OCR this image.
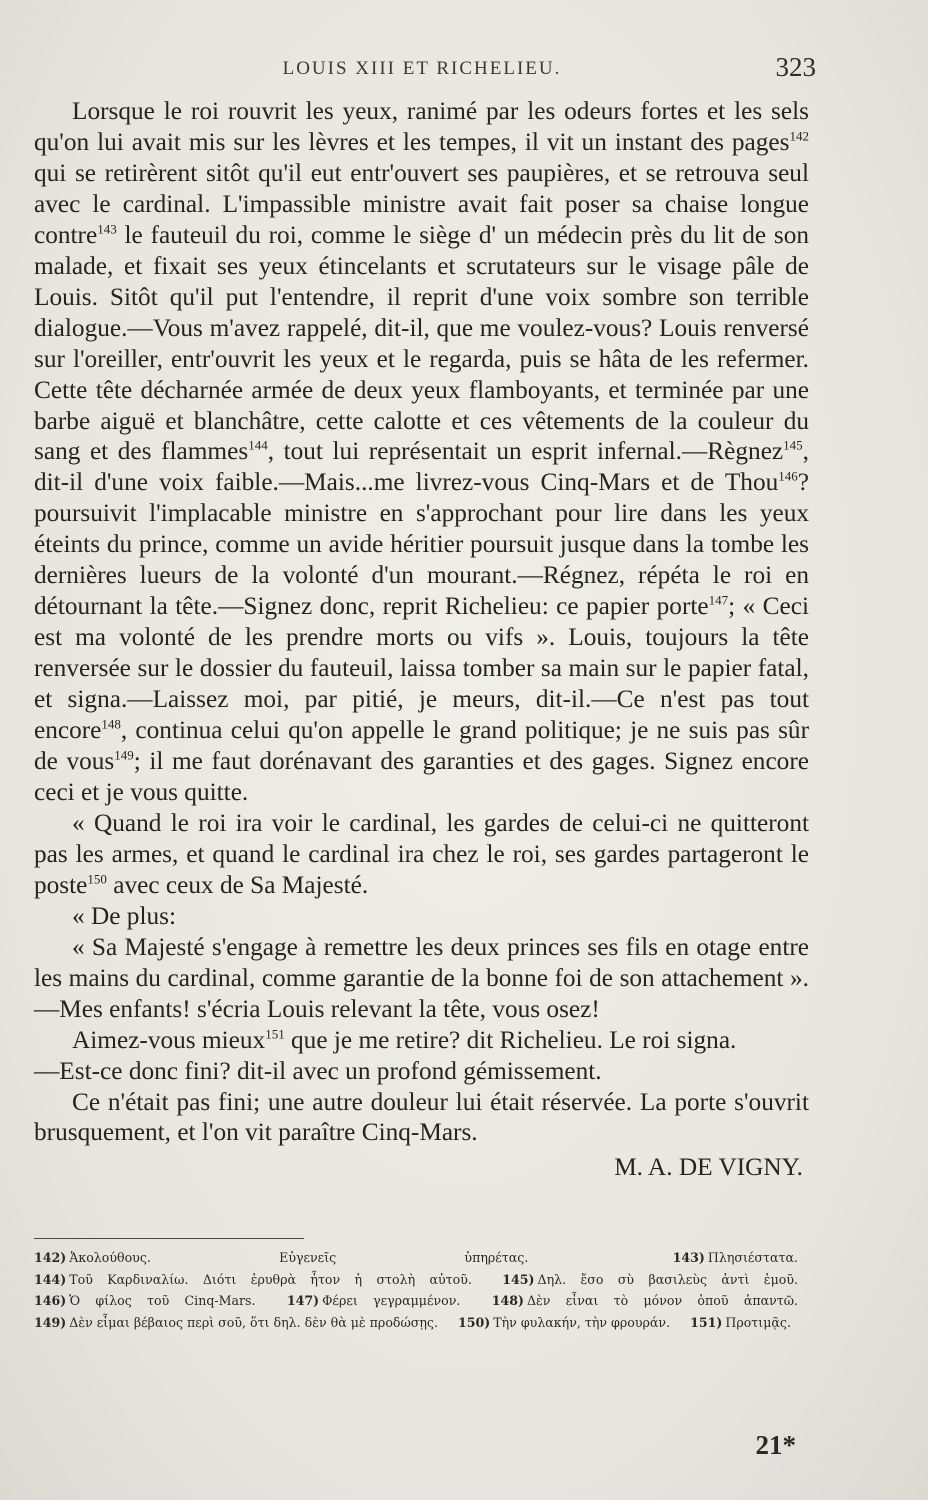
LOUIS XIII ET RICHELIEU.	323

Lorsque le roi rouvrit les yeux, ranimé par les odeurs fortes et les sels qu'on lui avait mis sur les lèvres et les tempes, il vit un instant des pages$^{142}$ qui se retirèrent sitôt qu'il eut entr'ouvert ses paupières, et se retrouva seul avec le cardinal. L'impassible ministre avait fait poser sa chaise longue contre$^{143}$ le fauteuil du roi, comme le siège d' un médecin près du lit de son malade, et fixait ses yeux étincelants et scrutateurs sur le visage pâle de Louis. Sitôt qu'il put l'entendre, il reprit d'une voix sombre son terrible dialogue.—Vous m'avez rappelé, dit-il, que me voulez-vous? Louis renversé sur l'oreiller, entr'ouvrit les yeux et le regarda, puis se hâta de les refermer. Cette tête décharnée armée de deux yeux flamboyants, et terminée par une barbe aiguë et blanchâtre, cette calotte et ces vêtements de la couleur du sang et des flammes$^{144}$, tout lui représentait un esprit infernal.—Règnez$^{145}$, dit-il d'une voix faible.—Mais...me livrez-vous Cinq-Mars et de Thou$^{146}$? poursuivit l'implacable ministre en s'approchant pour lire dans les yeux éteints du prince, comme un avide héritier poursuit jusque dans la tombe les dernières lueurs de la volonté d'un mourant.—Régnez, répéta le roi en détournant la tête.—Signez donc, reprit Richelieu: ce papier porte$^{147}$; « Ceci est ma volonté de les prendre morts ou vifs ». Louis, toujours la tête renversée sur le dossier du fauteuil, laissa tomber sa main sur le papier fatal, et signa.—Laissez moi, par pitié, je meurs, dit-il.—Ce n'est pas tout encore$^{148}$, continua celui qu'on appelle le grand politique; je ne suis pas sûr de vous$^{149}$; il me faut dorénavant des garanties et des gages. Signez encore ceci et je vous quitte.

« Quand le roi ira voir le cardinal, les gardes de celui-ci ne quitteront pas les armes, et quand le cardinal ira chez le roi, ses gardes partageront le poste$^{150}$ avec ceux de Sa Majesté.

« De plus:

« Sa Majesté s'engage à remettre les deux princes ses fils en otage entre les mains du cardinal, comme garantie de la bonne foi de son attachement ».—Mes enfants! s'écria Louis relevant la tête, vous osez!

Aimez-vous mieux$^{151}$ que je me retire? dit Richelieu. Le roi signa.

—Est-ce donc fini? dit-il avec un profond gémissement.

Ce n'était pas fini; une autre douleur lui était réservée. La porte s'ouvrit brusquement, et l'on vit paraître Cinq-Mars.

M. A. DE VIGNY.

142) Ἀκολούθους. Εὐγενεῖς ὑπηρέτας.	143) Πλησιέστατα. 144) Τοῦ Καρδιναλίω. Διότι ἐρυθρὰ ἦτον ἡ στολὴ αὐτοῦ. 145) Δηλ. ἔσο σὺ βασιλεὺς ἀντὶ ἐμοῦ. 146) Ὁ φίλος τοῦ Cinq-Mars. 147) Φέρει γεγραμμένον. 148) Δὲν εἶναι τὸ μόνον ὁποῦ ἀπαντῶ. 149) Δὲν εἶμαι βέβαιος περὶ σοῦ, ὅτι δηλ. δὲν θὰ μὲ προδώσῃς. 150) Τὴν φυλακήν, τὴν φρουράν. 151) Προτιμᾷς.
21*
